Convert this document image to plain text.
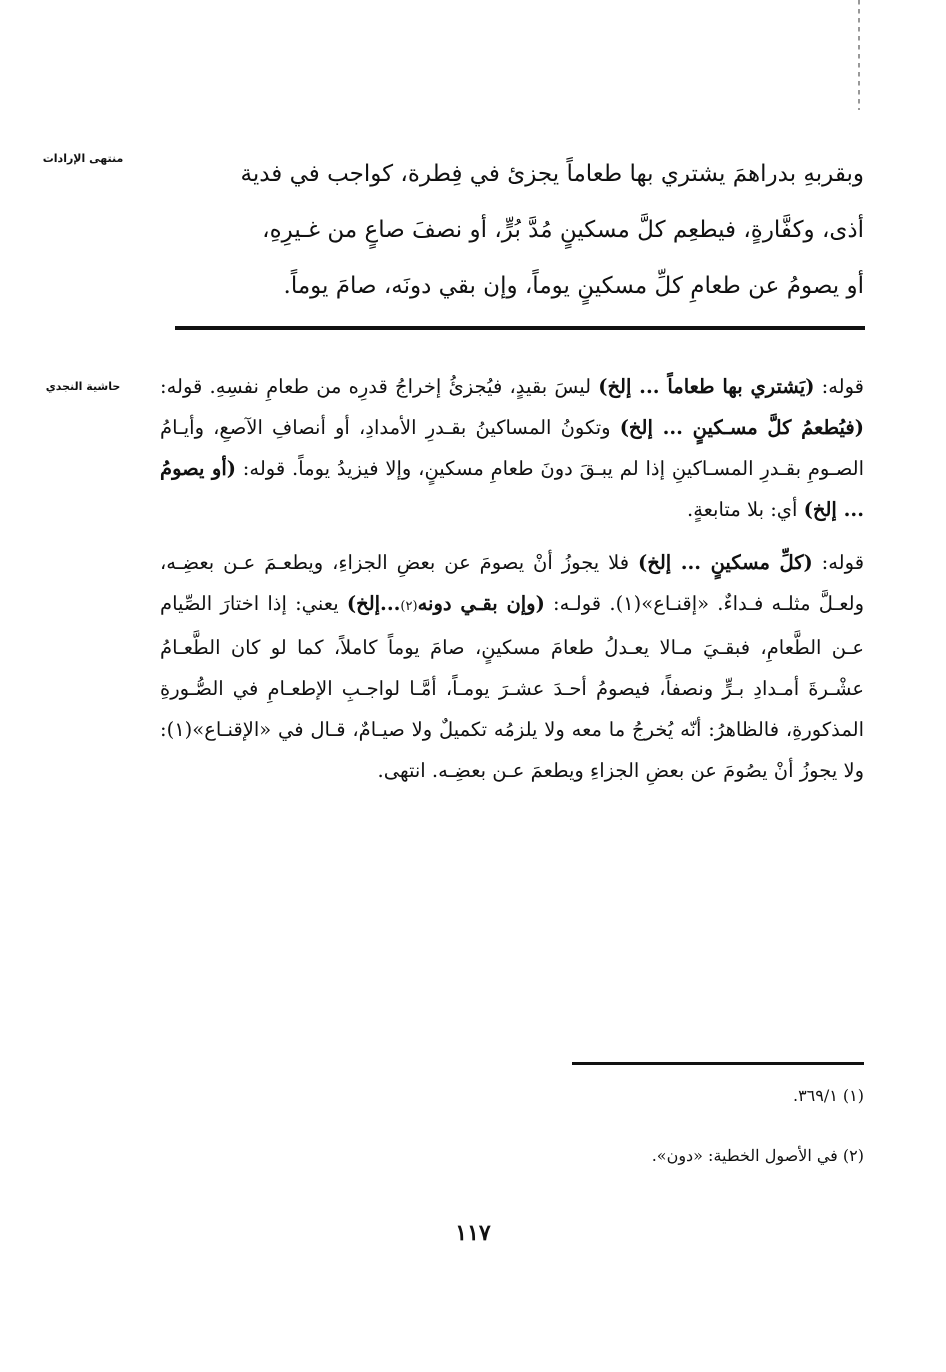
منتهى الإرادات
حاشية النجدي

وبقربهِ بدراهمَ يشتري بها طعاماً يجزئ في فِطرة، كواجب في فدية

أذى، وكفَّارةٍ، فيطعِم كلَّ مسكينٍ مُدَّ بُرٍّ، أو نصفَ صاعٍ من غـيرِهِ،

أو يصومُ عن طعامِ كلِّ مسكينٍ يوماً، وإن بقي دونَه، صامَ يوماً.

قوله: (يَشتري بها طعاماً ... إلخ) ليسَ بقيدٍ، فيُجزئُ إخراجُ قدرِه من طعامِ نفسِهِ. قوله: (فيُطعمُ كلَّ مسـكينٍ ... إلخ) وتكونُ المساكينُ بقـدرِ الأمدادِ، أو أنصافِ الآصعِ، وأيـامُ الصـومِ بقـدرِ المسـاكينِ إذا لم يبـقَ دونَ طعامِ مسكينٍ، وإلا فيزيدُ يوماً. قوله: (أو يصومُ ... إلخ) أي: بلا متابعةٍ.

قوله: (كلِّ مسكينٍ ... إلخ) فلا يجوزُ أنْ يصومَ عن بعضِ الجزاءِ، ويطعـمَ عـن بعضِـه، ولعـلَّ مثلـه فـداءٌ. «إقنـاع»(١). قولـه: (وإن بقـي دونه(٢)...إلخ) يعني: إذا اختارَ الصِّيام عـن الطَّعامِ، فبقـيَ مـالا يعـدلُ طعامَ مسكينٍ، صامَ يوماً كاملاً، كما لو كان الطَّعـامُ عشْـرةَ أمـدادِ بـرٍّ ونصفاً، فيصومُ أحـدَ عشـرَ يومـاً، أمَّـا لواجـبِ الإطعـامِ في الصُّـورةِ المذكورةِ، فالظاهرُ: أنّه يُخرجُ ما معه ولا يلزمُه تكميلٌ ولا صيـامٌ، قـال في «الإقنـاع»(١): ولا يجوزُ أنْ يصُومَ عن بعضِ الجزاءِ ويطعمَ عـن بعضِـه. انتهى.

(١) ٣٦٩/١.
(٢) في الأصول الخطية: «دون».
١١٧
